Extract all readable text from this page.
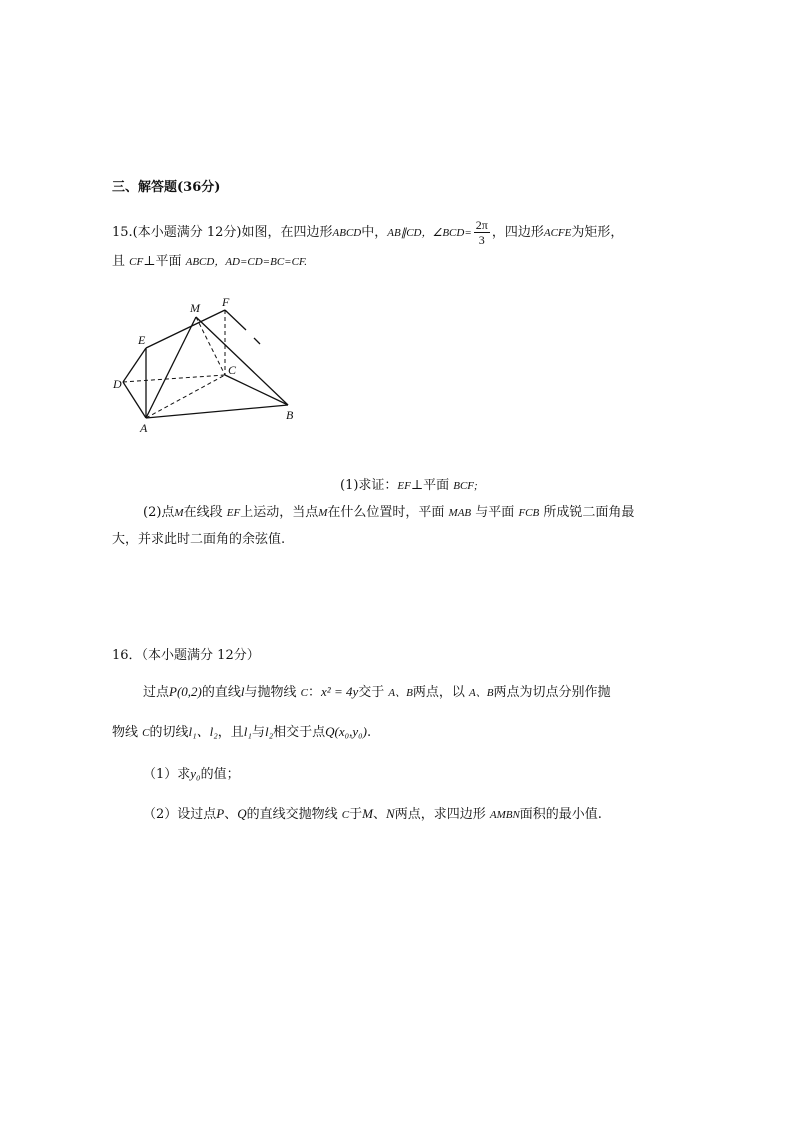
三、解答题(36分)
15.(本小题满分 12分)如图，在四边形ABCD中，AB∥CD，∠BCD= $\frac{2\pi}{3}$ ，四边形ACFE为矩形，
且 CF⊥平面 ABCD，AD=CD=BC=CF.
E
M F
D
C
A
B
(1)求证：EF⊥平面 BCF;
(2)点M在线段 EF上运动，当点M在什么位置时，平面 MAB 与平面 FCB 所成锐二面角最
大，并求此时二面角的余弦值.
16．（本小题满分 12分）
过点P(0,2)的直线l与抛物线 C：x² = 4y交于 A、B两点，以 A、B两点为切点分别作抛
物线 C的切线l₁、l₂，且l₁与l₂相交于点Q(x₀,y₀).
（1）求y₀的值；
（2）设过点P、Q的直线交抛物线 C于M、N两点，求四边形 AMBN面积的最小值.
